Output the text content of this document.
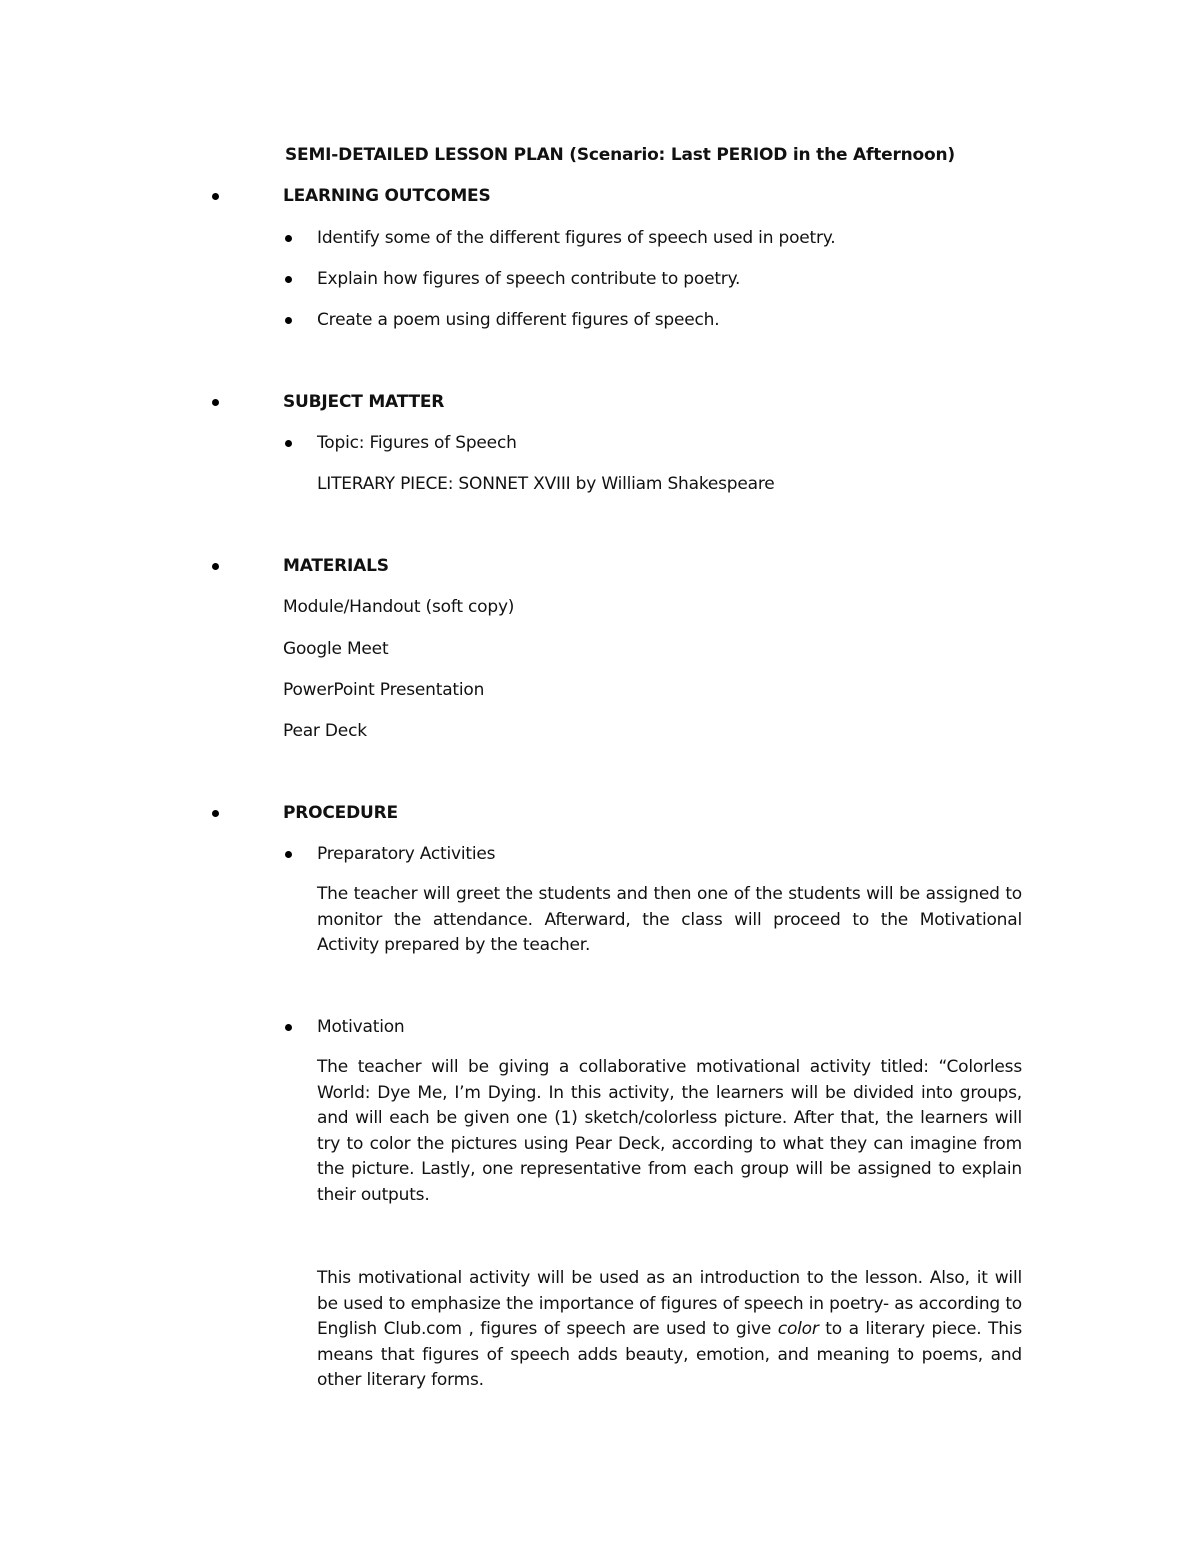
SEMI-DETAILED LESSON PLAN (Scenario: Last PERIOD in the Afternoon)
LEARNING OUTCOMES
Identify some of the different figures of speech used in poetry.
Explain how figures of speech contribute to poetry.
Create a poem using different figures of speech.
SUBJECT MATTER
Topic: Figures of Speech
LITERARY PIECE: SONNET XVIII by William Shakespeare
MATERIALS
Module/Handout (soft copy)
Google Meet
PowerPoint Presentation
Pear Deck
PROCEDURE
Preparatory Activities
The teacher will greet the students and then one of the students will be assigned to monitor the attendance. Afterward, the class will proceed to the Motivational Activity prepared by the teacher.
Motivation
The teacher will be giving a collaborative motivational activity titled: “Colorless World: Dye Me, I’m Dying. In this activity, the learners will be divided into groups, and will each be given one (1) sketch/colorless picture. After that, the learners will try to color the pictures using Pear Deck, according to what they can imagine from the picture. Lastly, one representative from each group will be assigned to explain their outputs.
This motivational activity will be used as an introduction to the lesson. Also, it will be used to emphasize the importance of figures of speech in poetry- as according to English Club.com , figures of speech are used to give color to a literary piece. This means that figures of speech adds beauty, emotion, and meaning to poems, and other literary forms.
